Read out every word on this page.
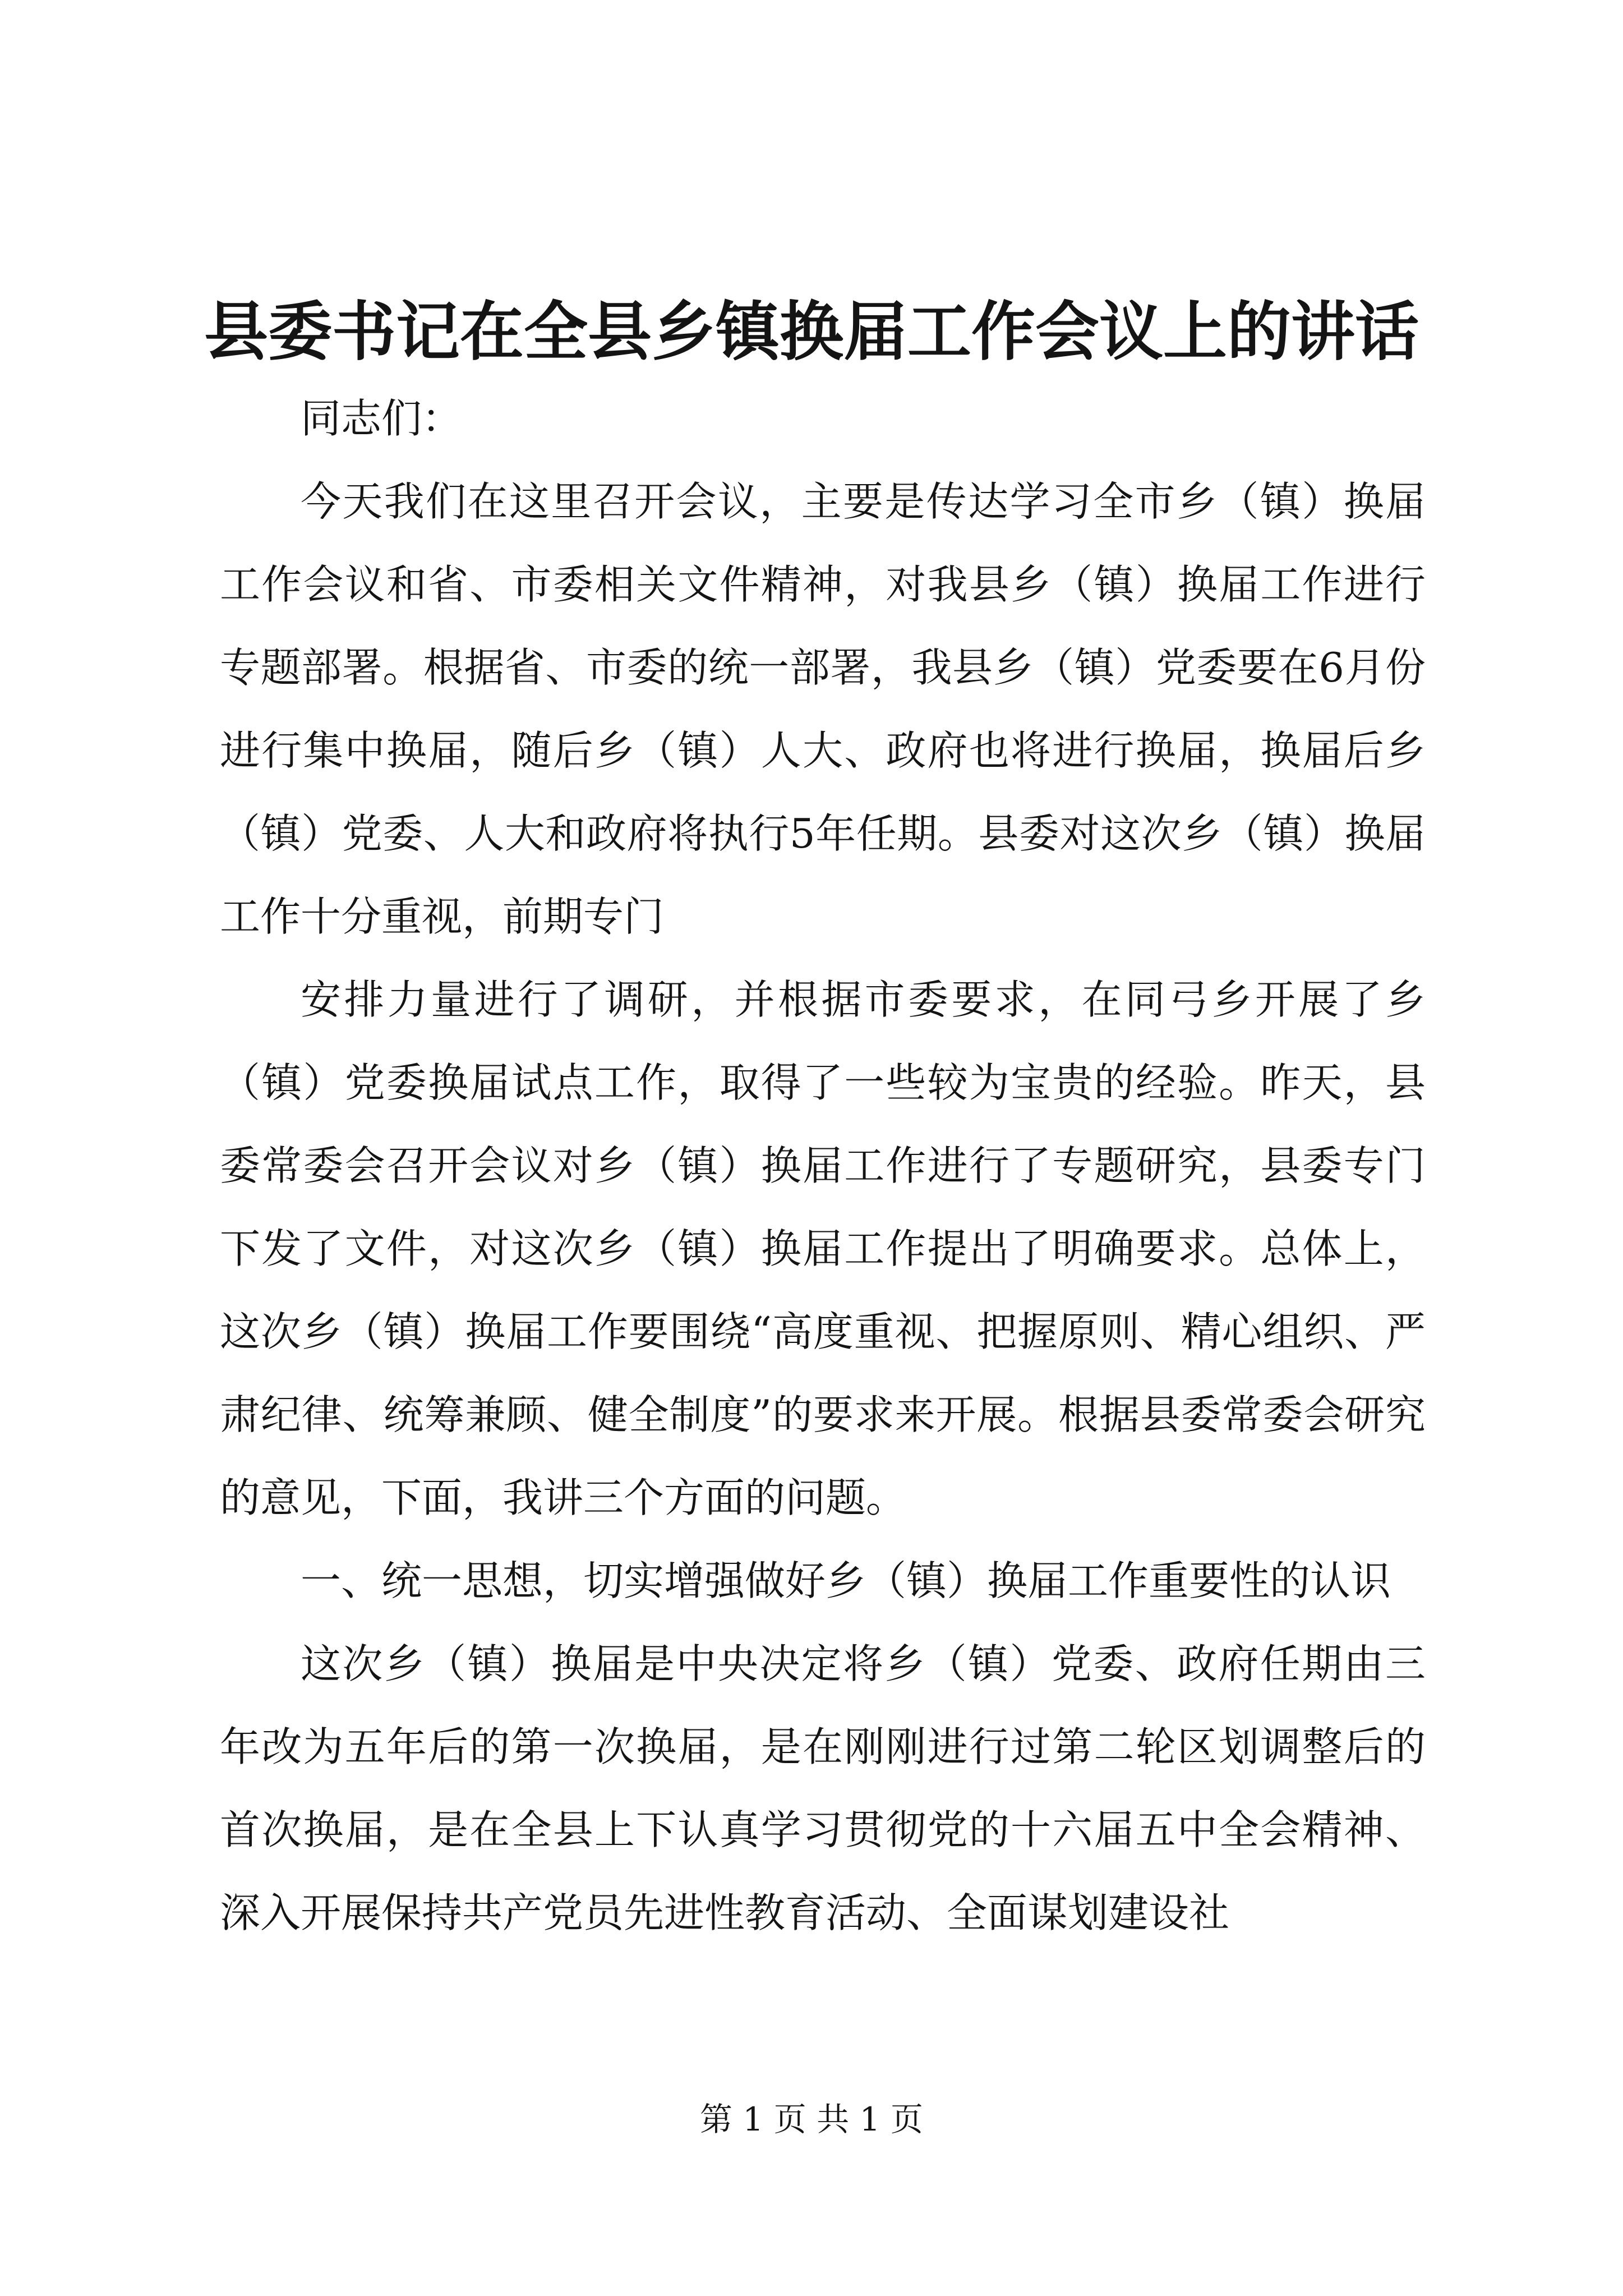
县委书记在全县乡镇换届工作会议上的讲话

同志们：

今天我们在这里召开会议，主要是传达学习全市乡（镇）换届工作会议和省、市委相关文件精神，对我县乡（镇）换届工作进行专题部署。根据省、市委的统一部署，我县乡（镇）党委要在6月份进行集中换届，随后乡（镇）人大、政府也将进行换届，换届后乡（镇）党委、人大和政府将执行5年任期。县委对这次乡（镇）换届工作十分重视，前期专门

安排力量进行了调研，并根据市委要求，在同弓乡开展了乡（镇）党委换届试点工作，取得了一些较为宝贵的经验。昨天，县委常委会召开会议对乡（镇）换届工作进行了专题研究，县委专门下发了文件，对这次乡（镇）换届工作提出了明确要求。总体上，这次乡（镇）换届工作要围绕“高度重视、把握原则、精心组织、严肃纪律、统筹兼顾、健全制度”的要求来开展。根据县委常委会研究的意见，下面，我讲三个方面的问题。

一、统一思想，切实增强做好乡（镇）换届工作重要性的认识

这次乡（镇）换届是中央决定将乡（镇）党委、政府任期由三年改为五年后的第一次换届，是在刚刚进行过第二轮区划调整后的首次换届，是在全县上下认真学习贯彻党的十六届五中全会精神、深入开展保持共产党员先进性教育活动、全面谋划建设社

第 1 页 共 1 页
